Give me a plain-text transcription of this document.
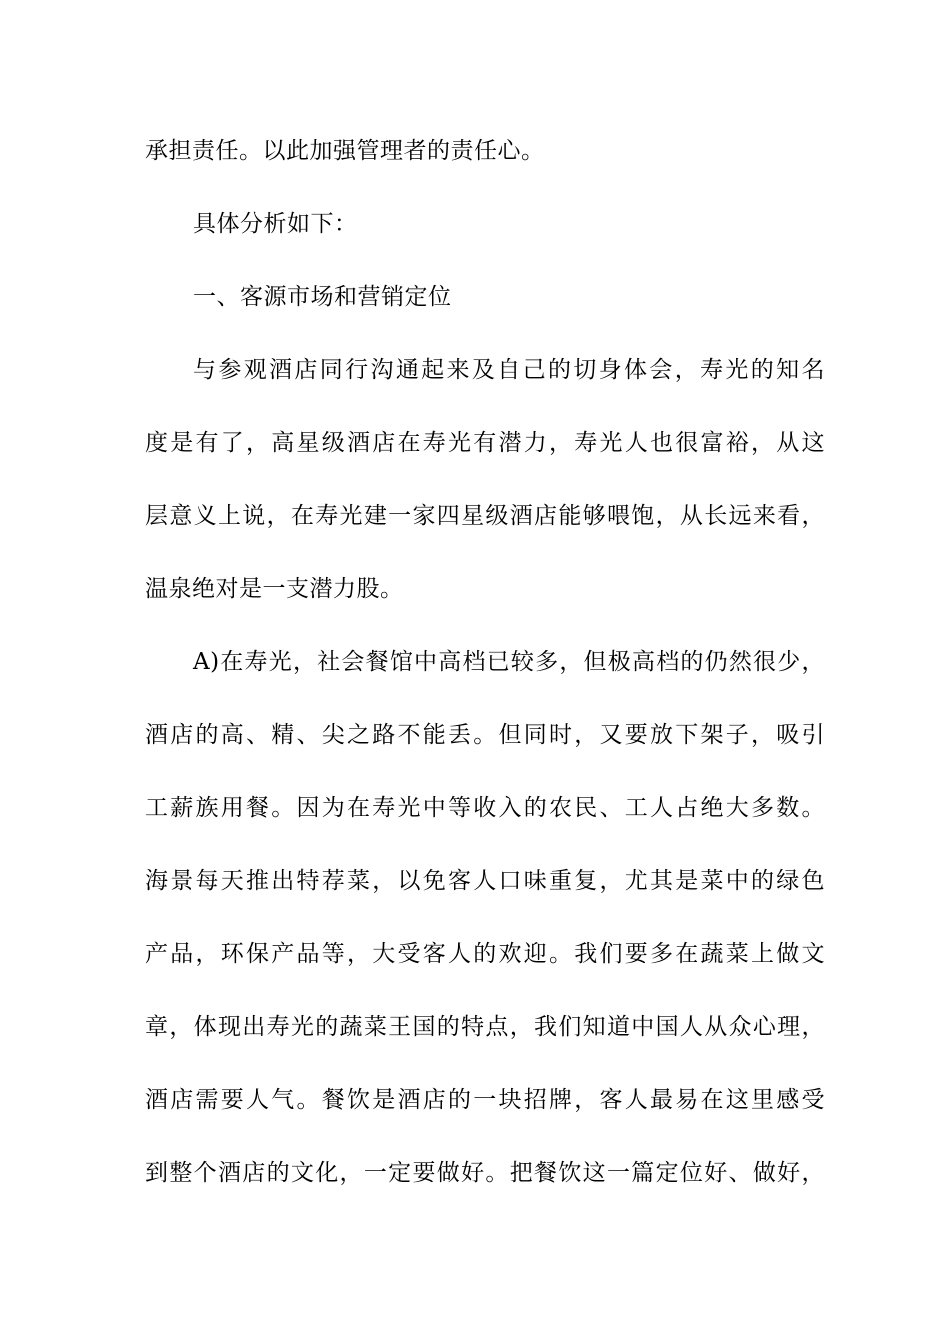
承担责任。以此加强管理者的责任心。
具体分析如下：
一、客源市场和营销定位
与参观酒店同行沟通起来及自己的切身体会，寿光的知名
度是有了，高星级酒店在寿光有潜力，寿光人也很富裕，从这
层意义上说，在寿光建一家四星级酒店能够喂饱，从长远来看，
温泉绝对是一支潜力股。
A)在寿光，社会餐馆中高档已较多，但极高档的仍然很少，
酒店的高、精、尖之路不能丢。但同时，又要放下架子，吸引
工薪族用餐。因为在寿光中等收入的农民、工人占绝大多数。
海景每天推出特荐菜，以免客人口味重复，尤其是菜中的绿色
产品，环保产品等，大受客人的欢迎。我们要多在蔬菜上做文
章，体现出寿光的蔬菜王国的特点，我们知道中国人从众心理，
酒店需要人气。餐饮是酒店的一块招牌，客人最易在这里感受
到整个酒店的文化，一定要做好。把餐饮这一篇定位好、做好，
